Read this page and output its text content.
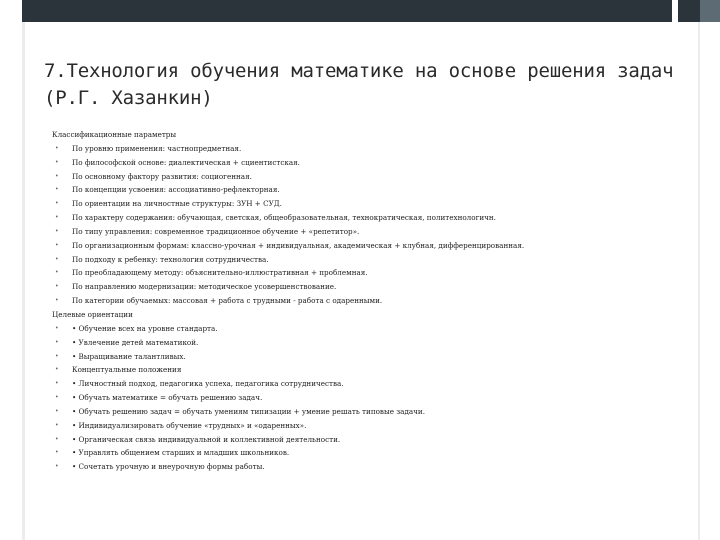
7.Технология обучения математике на основе решения задач (Р.Г. Хазанкин)
Классификационные параметры
• По уровню применения: частнопредметная.
• По философской основе: диалектическая + сциентистская.
• По основному фактору развития: социогенная.
• По концепции усвоения: ассоциативно-рефлекторная.
• По ориентации на личностные структуры: ЗУН + СУД.
• По характеру содержания: обучающая, светская, общеобразовательная, технократическая, политехнологичн.
• По типу управления: современное традиционное обучение + «репетитор».
• По организационным формам: классно-урочная + индивидуальная, академическая + клубная, дифференцированная.
• По подходу к ребенку: технология сотрудничества.
• По преобладающему методу: объяснительно-иллюстративная + проблемная.
• По направлению модернизации: методическое усовершенствование.
• По категории обучаемых: массовая + работа с трудными - работа с одаренными.
Целевые ориентации
• • Обучение всех на уровне стандарта.
• • Увлечение детей математикой.
• • Выращивание талантливых.
• Концептуальные положения
• • Личностный подход, педагогика успеха, педагогика сотрудничества.
• • Обучать математике = обучать решению задач.
• • Обучать решению задач = обучать умениям типизации + умение решать типовые задачи.
• • Индивидуализировать обучение «трудных» и «одаренных».
• • Органическая связь индивидуальной и коллективной деятельности.
• • Управлять общением старших и младших школьников.
• • Сочетать урочную и внеурочную формы работы.
